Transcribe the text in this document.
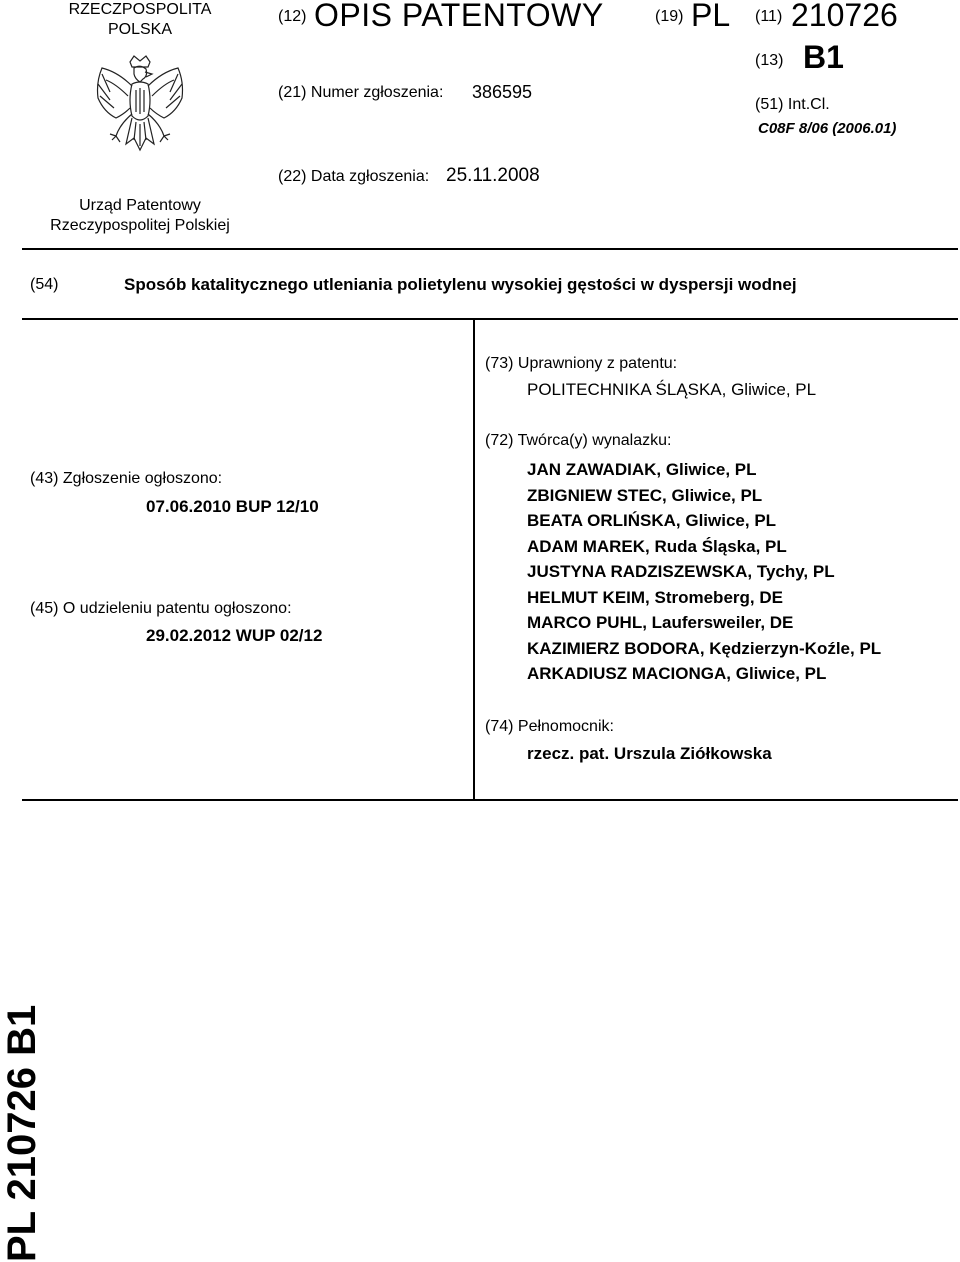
RZECZPOSPOLITA
POLSKA
Urząd Patentowy
Rzeczypospolitej Polskiej
(12) OPIS PATENTOWY	(19) PL (11) 210726
(13) B1
(21) Numer zgłoszenia: 386595
(51) Int.Cl.
C08F 8/06 (2006.01)
(22) Data zgłoszenia: 25.11.2008
(54)	Sposób katalitycznego utleniania polietylenu wysokiej gęstości w dyspersji wodnej
(43) Zgłoszenie ogłoszono:
07.06.2010 BUP 12/10
(45) O udzieleniu patentu ogłoszono:
29.02.2012 WUP 02/12
(73) Uprawniony z patentu:
POLITECHNIKA ŚLĄSKA, Gliwice, PL
(72) Twórca(y) wynalazku:
JAN ZAWADIAK, Gliwice, PL
ZBIGNIEW STEC, Gliwice, PL
BEATA ORLIŃSKA, Gliwice, PL
ADAM MAREK, Ruda Śląska, PL
JUSTYNA RADZISZEWSKA, Tychy, PL
HELMUT KEIM, Stromeberg, DE
MARCO PUHL, Laufersweiler, DE
KAZIMIERZ BODORA, Kędzierzyn-Koźle, PL
ARKADIUSZ MACIONGA, Gliwice, PL
(74) Pełnomocnik:
rzecz. pat. Urszula Ziółkowska
PL 210726 B1
